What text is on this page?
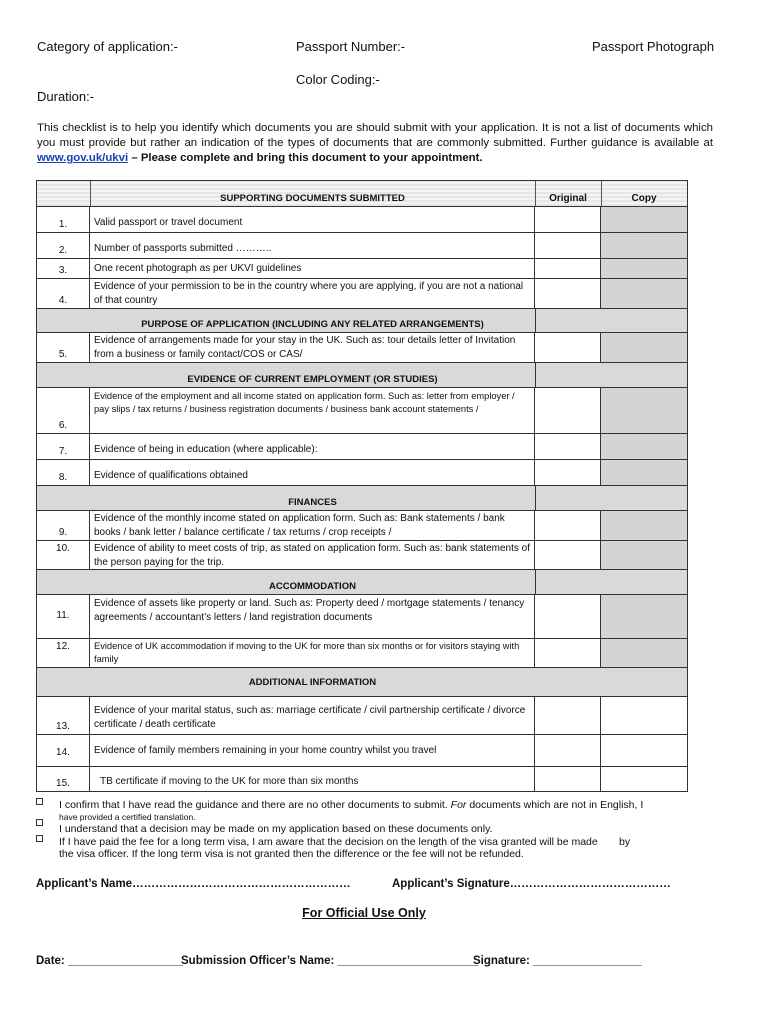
Category of application:-	Passport Number:-	Passport Photograph
Color Coding:-
Duration:-
This checklist is to help you identify which documents you are should submit with your application. It is not a list of documents which you must provide but rather an indication of the types of documents that are commonly submitted. Further guidance is available at www.gov.uk/ukvi – Please complete and bring this document to your appointment.
SUPPORTING DOCUMENTS SUBMITTED	Original	Copy
1.	Valid passport or travel document
2.	Number of passports submitted ………..
3.	One recent photograph as per UKVI guidelines
4.
Evidence of your permission to be in the country where you are applying, if you are not a national of that country
PURPOSE OF APPLICATION (INCLUDING ANY RELATED ARRANGEMENTS)
5.
Evidence of arrangements made for your stay in the UK. Such as: tour details letter of Invitation from a business or family contact/COS or CAS/
EVIDENCE OF CURRENT EMPLOYMENT (OR STUDIES)
6.
Evidence of the employment and all income stated on application form. Such as: letter from employer / pay slips / tax returns / business registration documents / business bank account statements /
7.	Evidence of being in education (where applicable):
8.	Evidence of qualifications obtained
FINANCES
9.
Evidence of the monthly income stated on application form. Such as: Bank statements / bank books / bank letter / balance certificate / tax returns / crop receipts /
10.	Evidence of ability to meet costs of trip, as stated on application form. Such as: bank statements of the person paying for the trip.
ACCOMMODATION
11.
Evidence of assets like property or land. Such as: Property deed / mortgage statements / tenancy agreements / accountant’s letters / land registration documents
12.	Evidence of UK accommodation if moving to the UK for more than six months or for visitors staying with family
ADDITIONAL INFORMATION
13.
Evidence of your marital status, such as: marriage certificate / civil partnership certificate / divorce certificate / death certificate
14.	Evidence of family members remaining in your home country whilst you travel
15.	TB certificate if moving to the UK for more than six months
I confirm that I have read the guidance and there are no other documents to submit. For documents which are not in English, I
have provided a certified translation.
I understand that a decision may be made on my application based on these documents only.
If I have paid the fee for a long term visa, I am aware that the decision on the length of the visa granted will be made by
the visa officer. If the long term visa is not granted then the difference or the fee will not be refunded.
Applicant’s Name…………………………………………………	Applicant’s Signature……………………………………
For Official Use Only
Date: __________________
Submission Officer’s Name: ______________________
Signature: _________________
